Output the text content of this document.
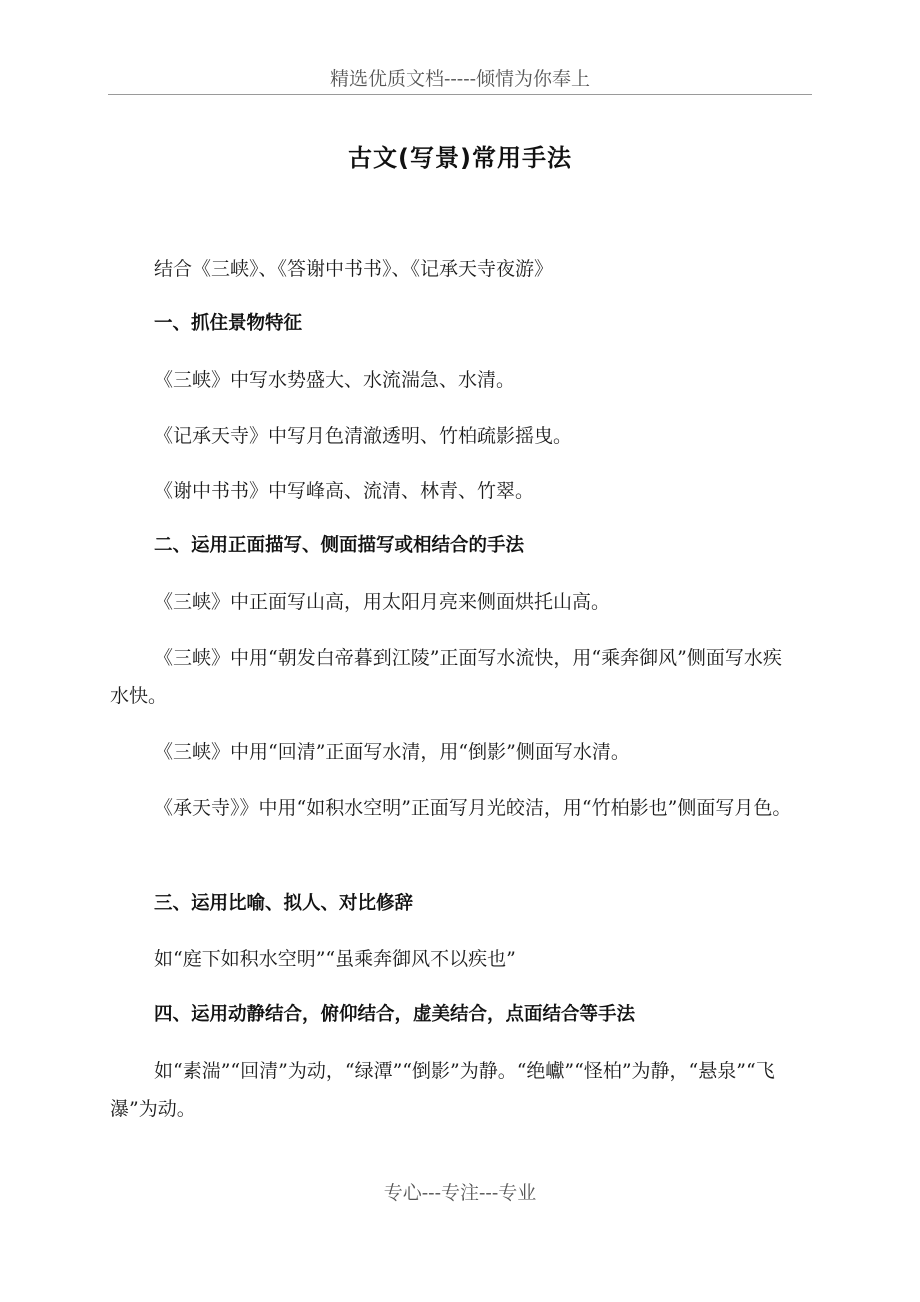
精选优质文档-----倾情为你奉上
古文(写景)常用手法
结合《三峡》、《答谢中书书》、《记承天寺夜游》
一、抓住景物特征
《三峡》中写水势盛大、水流湍急、水清。
《记承天寺》中写月色清澈透明、竹柏疏影摇曳。
《谢中书书》中写峰高、流清、林青、竹翠。
二、运用正面描写、侧面描写或相结合的手法
《三峡》中正面写山高，用太阳月亮来侧面烘托山高。
《三峡》中用“朝发白帝暮到江陵”正面写水流快，用“乘奔御风”侧面写水疾水快。
《三峡》中用“回清”正面写水清，用“倒影”侧面写水清。
《承天寺》》中用“如积水空明”正面写月光皎洁，用“竹柏影也”侧面写月色。
三、运用比喻、拟人、对比修辞
如“庭下如积水空明”“虽乘奔御风不以疾也”
四、运用动静结合，俯仰结合，虚美结合，点面结合等手法
如“素湍”“回清”为动，“绿潭”“倒影”为静。“绝巘”“怪柏”为静，“悬泉”“飞瀑”为动。
专心---专注---专业
